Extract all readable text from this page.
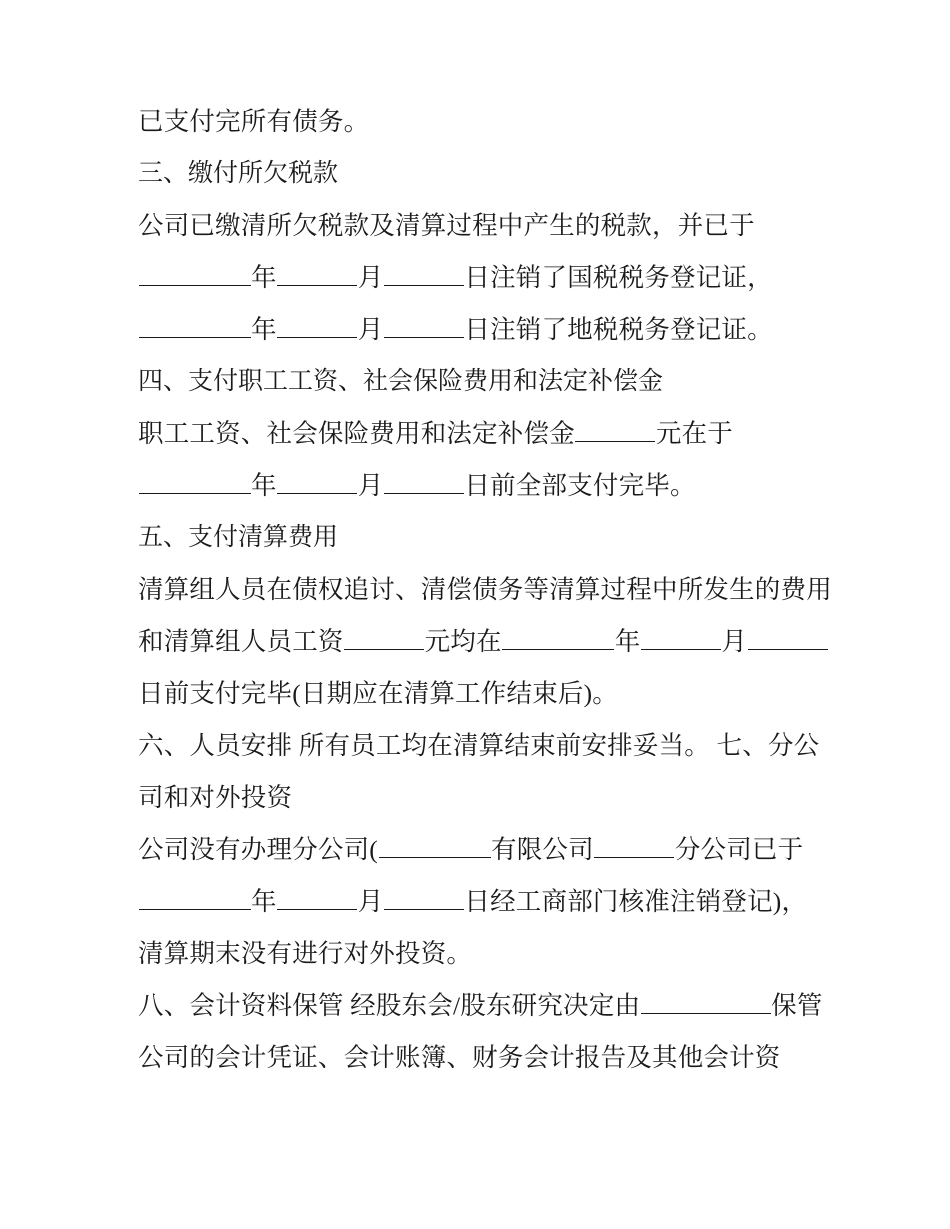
已支付完所有债务。

三、缴付所欠税款

公司已缴清所欠税款及清算过程中产生的税款，并已于年	月	日注销了国税税务登记证，年	月	日注销了地税税务登记证。

四、支付职工工资、社会保险费用和法定补偿金

职工工资、社会保险费用和法定补偿金	元在于年	月	日前全部支付完毕。

五、支付清算费用

清算组人员在债权追讨、清偿债务等清算过程中所发生的费用和清算组人员工资	元均在	年	月日前支付完毕(日期应在清算工作结束后)。

六、人员安排 所有员工均在清算结束前安排妥当。 七、分公司和对外投资

公司没有办理分公司(	有限公司	分公司已于年	月	日经工商部门核准注销登记)，清算期末没有进行对外投资。

八、会计资料保管 经股东会/股东研究决定由	保管公司的会计凭证、会计账簿、财务会计报告及其他会计资
